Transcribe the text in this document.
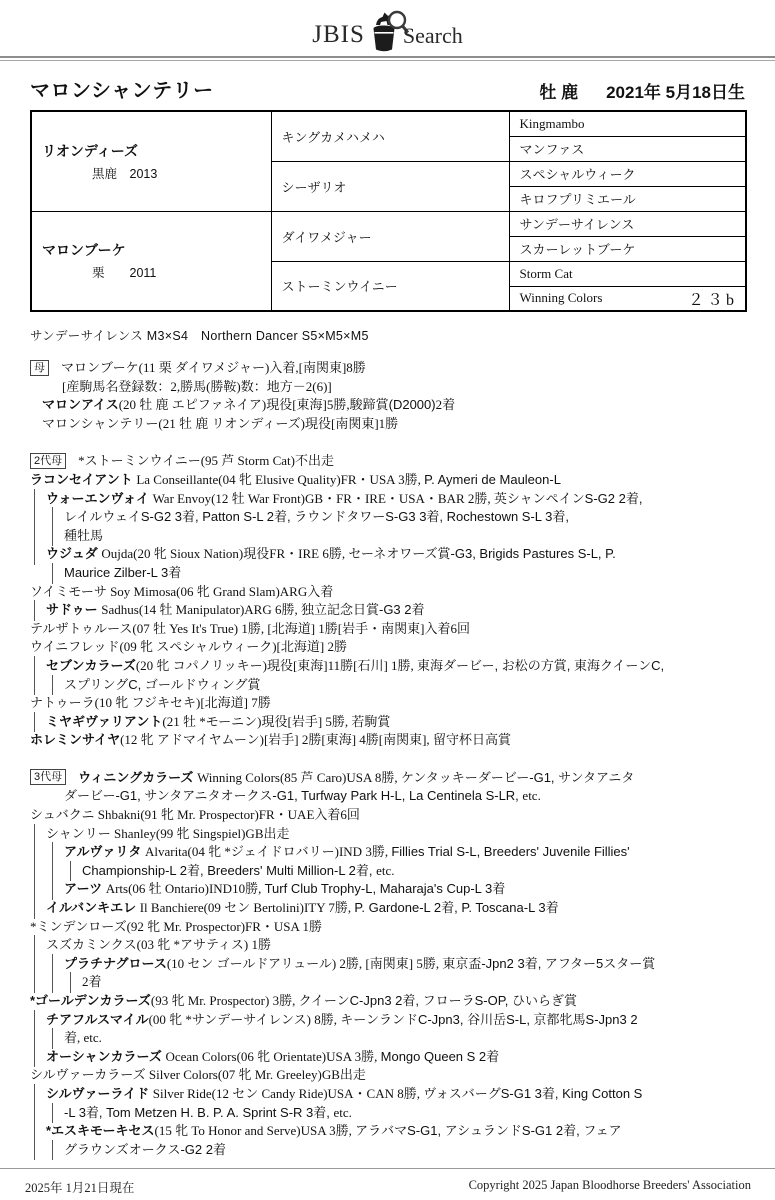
JBIS Search
マロンシャンテリー	牡 鹿 2021年 5月18日生
リオンディーズ
黒鹿　2013	キングカメハメハ	Kingmambo
		マンファス
	シーザリオ	スペシャルウィーク
		キロフプリミエール

マロンブーケ
栗　　2011	ダイワメジャー	サンデーサイレンス
		スカーレットブーケ
	ストーミンウイニー	Storm Cat

		Winning Colors ２３b
サンデーサイレンス M3×S4　Northern Dancer S5×M5×M5
母 マロンブーケ(11 栗 ダイワメジャー)入着,[南関東]8勝
[産駒馬名登録数：2,勝馬(勝鞍)数：地方－2(6)]
マロンアイス(20 牡 鹿 エピファネイア)現役[東海]5勝,駿蹄賞(D2000)2着
マロンシャンテリー(21 牡 鹿 リオンディーズ)現役[南関東]1勝
2代母 *ストーミンウイニー(95 芦 Storm Cat)不出走
ラコンセイアント La Conseillante(04 牝 Elusive Quality)FR・USA 3勝, P. Aymeri de Mauleon-L
ウォーエンヴォイ War Envoy(12 牡 War Front)GB・FR・IRE・USA・BAR 2勝, 英シャンペインS-G2 2着,
レイルウェイS-G2 3着, Patton S-L 2着, ラウンドタワーS-G3 3着, Rochestown S-L 3着,
種牡馬
ウジュダ Oujda(20 牝 Sioux Nation)現役FR・IRE 6勝, セーネオワーズ賞-G3, Brigids Pastures S-L, P.
Maurice Zilber-L 3着
ソイミモーサ Soy Mimosa(06 牝 Grand Slam)ARG入着
サドゥー Sadhus(14 牡 Manipulator)ARG 6勝, 独立記念日賞-G3 2着
テルザトゥルース(07 牡 Yes It's True) 1勝, [北海道] 1勝[岩手・南関東]入着6回
ウイニフレッド(09 牝 スペシャルウィーク)[北海道] 2勝
セブンカラーズ(20 牝 コパノリッキー)現役[東海]11勝[石川] 1勝, 東海ダービー, お松の方賞, 東海クイーンC,
スプリングC, ゴールドウィング賞
ナトゥーラ(10 牝 フジキセキ)[北海道] 7勝
ミヤギヴァリアント(21 牡 *モーニン)現役[岩手] 5勝, 若駒賞
ホレミンサイヤ(12 牝 アドマイヤムーン)[岩手] 2勝[東海] 4勝[南関東], 留守杯日高賞
3代母 ウィニングカラーズ Winning Colors(85 芦 Caro)USA 8勝, ケンタッキーダービー-G1, サンタアニタ
ダービー-G1, サンタアニタオークス-G1, Turfway Park H-L, La Centinela S-LR, etc.
シュバクニ Shbakni(91 牝 Mr. Prospector)FR・UAE入着6回
シャンリー Shanley(99 牝 Singspiel)GB出走
アルヴァリタ Alvarita(04 牝 *ジェイドロバリー)IND 3勝, Fillies Trial S-L, Breeders' Juvenile Fillies'
Championship-L 2着, Breeders' Multi Million-L 2着, etc.
アーツ Arts(06 牡 Ontario)IND10勝, Turf Club Trophy-L, Maharaja's Cup-L 3着
イルバンキエレ Il Banchiere(09 セン Bertolini)ITY 7勝, P. Gardone-L 2着, P. Toscana-L 3着
*ミンデンローズ(92 牝 Mr. Prospector)FR・USA 1勝
スズカミンクス(03 牝 *アサティス) 1勝
プラチナグロース(10 セン ゴールドアリュール) 2勝, [南関東] 5勝, 東京盃-Jpn2 3着, アフター5スター賞
2着
*ゴールデンカラーズ(93 牝 Mr. Prospector) 3勝, クイーンC-Jpn3 2着, フローラS-OP, ひいらぎ賞
チアフルスマイル(00 牝 *サンデーサイレンス) 8勝, キーンランドC-Jpn3, 谷川岳S-L, 京都牝馬S-Jpn3 2
着, etc.
オーシャンカラーズ Ocean Colors(06 牝 Orientate)USA 3勝, Mongo Queen S 2着
シルヴァーカラーズ Silver Colors(07 牝 Mr. Greeley)GB出走
シルヴァーライド Silver Ride(12 セン Candy Ride)USA・CAN 8勝, ヴォスバーグS-G1 3着, King Cotton S
-L 3着, Tom Metzen H. B. P. A. Sprint S-R 3着, etc.
*エスキモーキセス(15 牝 To Honor and Serve)USA 3勝, アラバマS-G1, アシュランドS-G1 2着, フェア
グラウンズオークス-G2 2着
2025年 1月21日現在	Copyright 2025 Japan Bloodhorse Breeders' Association
